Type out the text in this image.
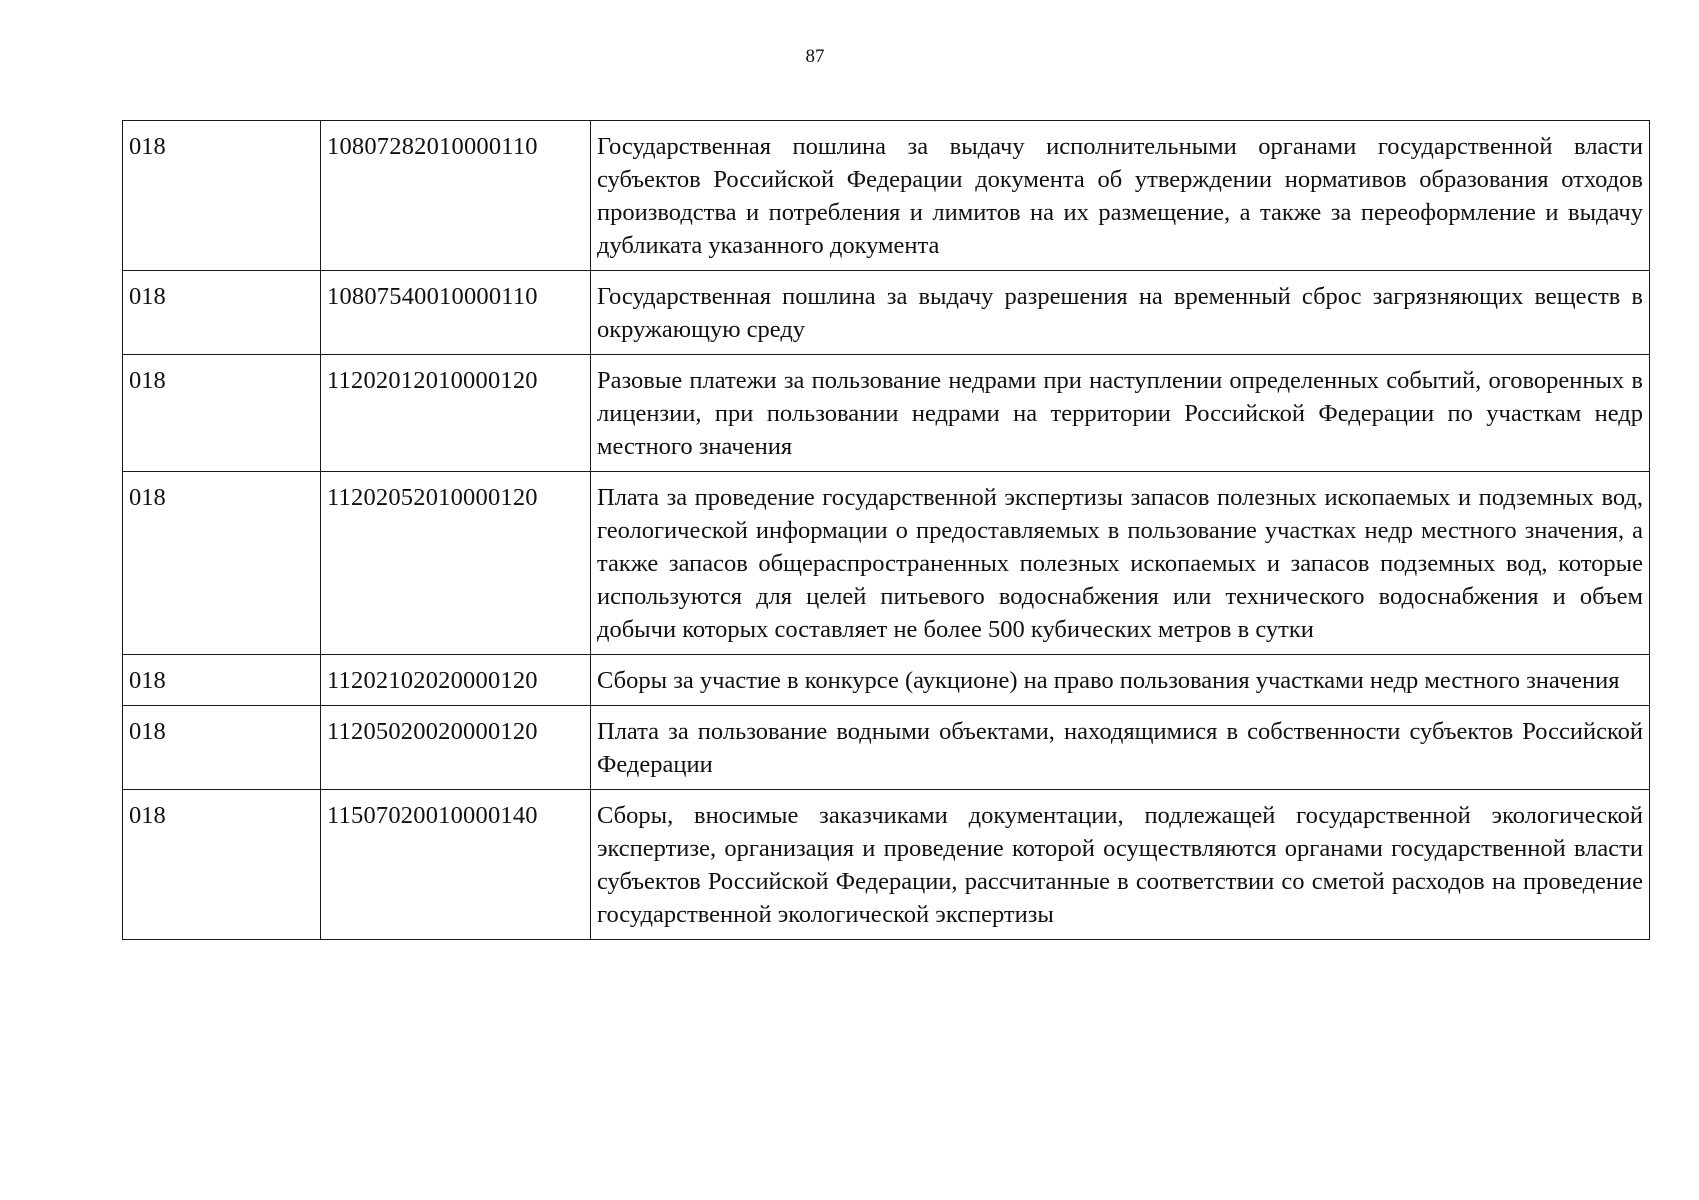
87
018	10807282010000110	Государственная пошлина за выдачу исполнительными органами государственной власти субъектов Российской Федерации документа об утверждении нормативов образования отходов производства и потребления и лимитов на их размещение, а также за переоформление и выдачу дубликата указанного документа
018	10807540010000110	Государственная пошлина за выдачу разрешения на временный сброс загрязняющих веществ в окружающую среду
018	11202012010000120	Разовые платежи за пользование недрами при наступлении определенных событий, оговоренных в лицензии, при пользовании недрами на территории Российской Федерации по участкам недр местного значения
018	11202052010000120	Плата за проведение государственной экспертизы запасов полезных ископаемых и подземных вод, геологической информации о предоставляемых в пользование участках недр местного значения, а также запасов общераспространенных полезных ископаемых и запасов подземных вод, которые используются для целей питьевого водоснабжения или технического водоснабжения и объем добычи которых составляет не более 500 кубических метров в сутки
018	11202102020000120	Сборы за участие в конкурсе (аукционе) на право пользования участками недр местного значения
018	11205020020000120	Плата за пользование водными объектами, находящимися в собственности субъектов Российской Федерации
018	11507020010000140	Сборы, вносимые заказчиками документации, подлежащей государственной экологической экспертизе, организация и проведение которой осуществляются органами государственной власти субъектов Российской Федерации, рассчитанные в соответствии со сметой расходов на проведение государственной экологической экспертизы
